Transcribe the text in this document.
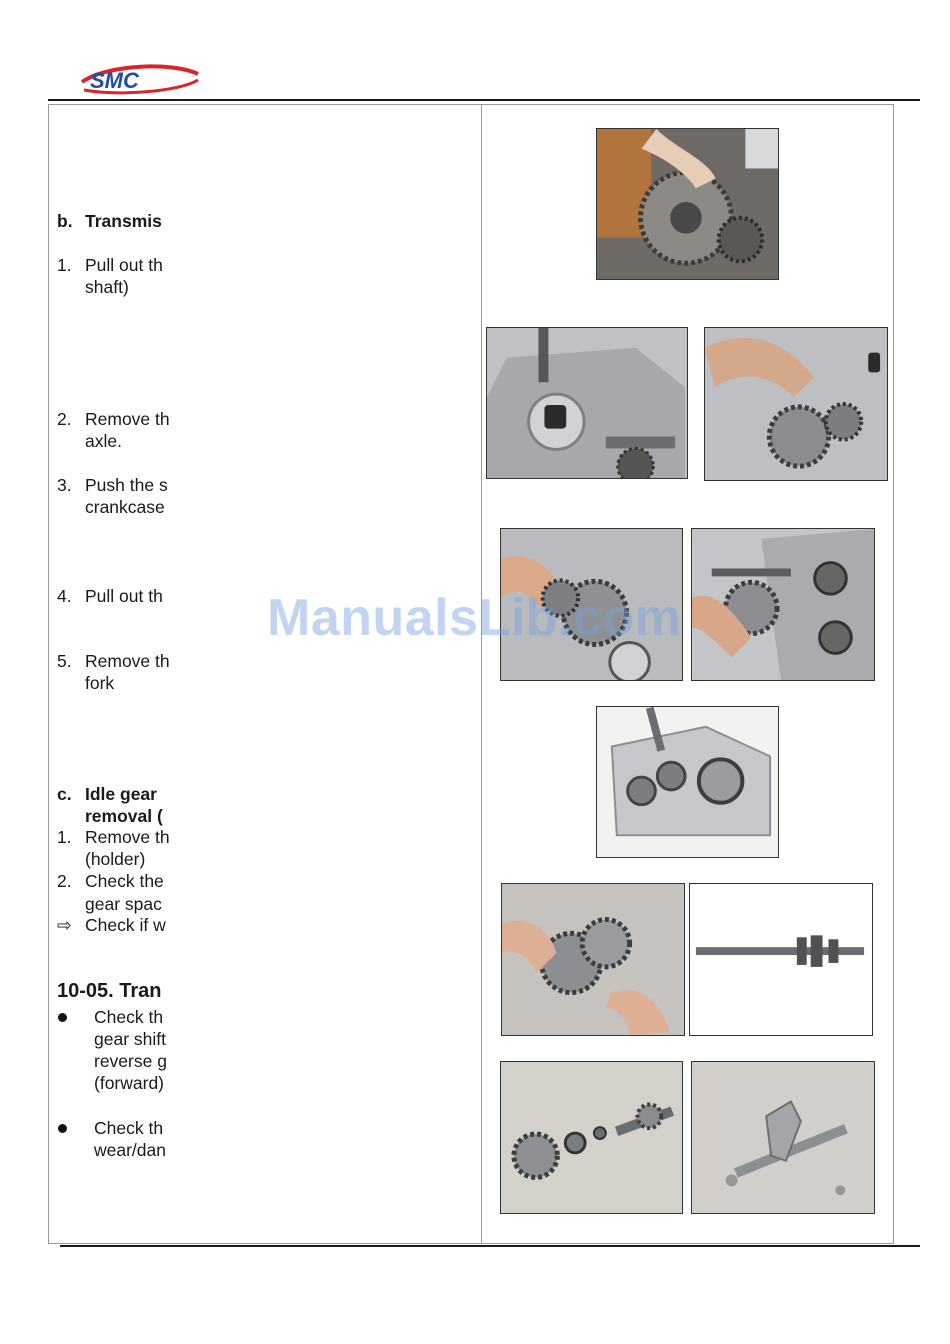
SMC
b. Transmis
1. Pull out th
shaft)
2. Remove th
axle.
3. Push the s
crankcase
4. Pull out th
5. Remove th
fork
c. Idle gear
removal (
1. Remove th
(holder)
2. Check the
gear spac
⇨ Check if w
10-05. Tran
Check th
gear shift
reverse g
(forward)
Check th
wear/dan
ManualsLib.com
